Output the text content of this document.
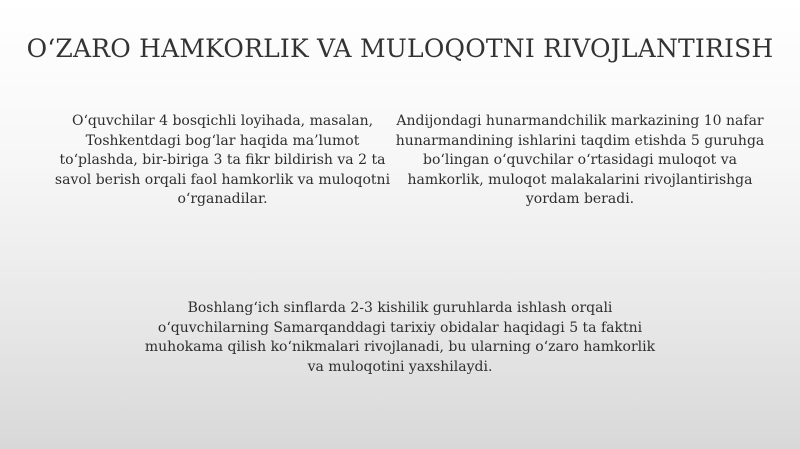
O‘ZARO HAMKORLIK VA MULOQOTNI RIVOJLANTIRISH
O‘quvchilar 4 bosqichli loyihada, masalan, Toshkentdagi bog‘lar haqida ma’lumot to‘plashda, bir-biriga 3 ta fikr bildirish va 2 ta savol berish orqali faol hamkorlik va muloqotni o‘rganadilar.
Andijondagi hunarmandchilik markazining 10 nafar hunarmandining ishlarini taqdim etishda 5 guruhga bo‘lingan o‘quvchilar o‘rtasidagi muloqot va hamkorlik, muloqot malakalarini rivojlantirishga yordam beradi.
Boshlang‘ich sinflarda 2-3 kishilik guruhlarda ishlash orqali o‘quvchilarning Samarqanddagi tarixiy obidalar haqidagi 5 ta faktni muhokama qilish ko‘nikmalari rivojlanadi, bu ularning o‘zaro hamkorlik va muloqotini yaxshilaydi.
